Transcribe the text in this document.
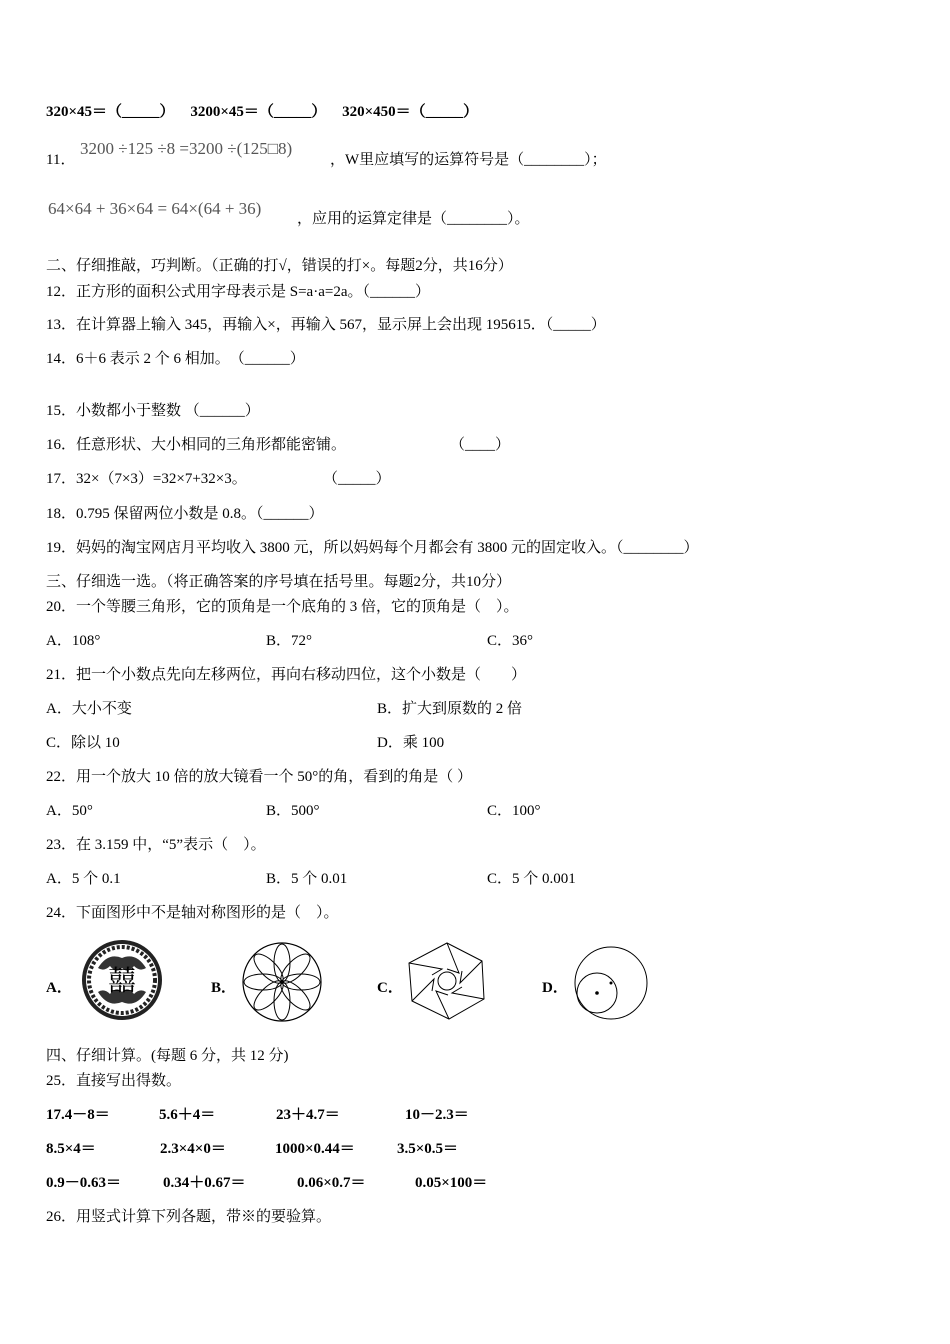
320×45＝（_____） 3200×45＝（_____） 320×450＝（_____）
11．
3200 ÷125 ÷8 =3200 ÷(125□8)
，W里应填写的运算符号是（________）；
64×64 + 36×64 = 64×(64 + 36)
，应用的运算定律是（________）。
二、仔细推敲，巧判断。（正确的打√，错误的打×。每题2分，共16分）
12．正方形的面积公式用字母表示是 S=a·a=2a。（______）
13．在计算器上输入 345，再输入×，再输入 567，显示屏上会出现 195615．（_____）
14．6＋6 表示 2 个 6 相加。　（______）
15．小数都小于整数 （______）
16．任意形状、大小相同的三角形都能密铺。	（____）
17．32×（7×3）=32×7+32×3。	（_____）
18．0.795 保留两位小数是 0.8。（______）
19．妈妈的淘宝网店月平均收入 3800 元，所以妈妈每个月都会有 3800 元的固定收入。（________）
三、仔细选一选。（将正确答案的序号填在括号里。每题2分，共10分）
20．一个等腰三角形，它的顶角是一个底角的 3 倍，它的顶角是（　）。
A．108°	B．72°	C．36°
21．把一个小数点先向左移两位，再向右移动四位，这个小数是（　　）
A．大小不变	B．扩大到原数的 2 倍
C．除以 10	D．乘 100
22．用一个放大 10 倍的放大镜看一个 50°的角，看到的角是（ ）
A．50°	B．500°	C．100°
23．在 3.159 中，“5”表示（　）。
A．5 个 0.1	B．5 个 0.01	C．5 个 0.001
24．下面图形中不是轴对称图形的是（　）。
A． 囍	B．	C．	D．
四、仔细计算。(每题 6 分，共 12 分)
25．直接写出得数。
17.4－8＝	5.6＋4＝	23＋4.7＝	10－2.3＝
8.5×4＝	2.3×4×0＝	1000×0.44＝	3.5×0.5＝
0.9－0.63＝	0.34＋0.67＝	0.06×0.7＝	0.05×100＝
26．用竖式计算下列各题，带※的要验算。
